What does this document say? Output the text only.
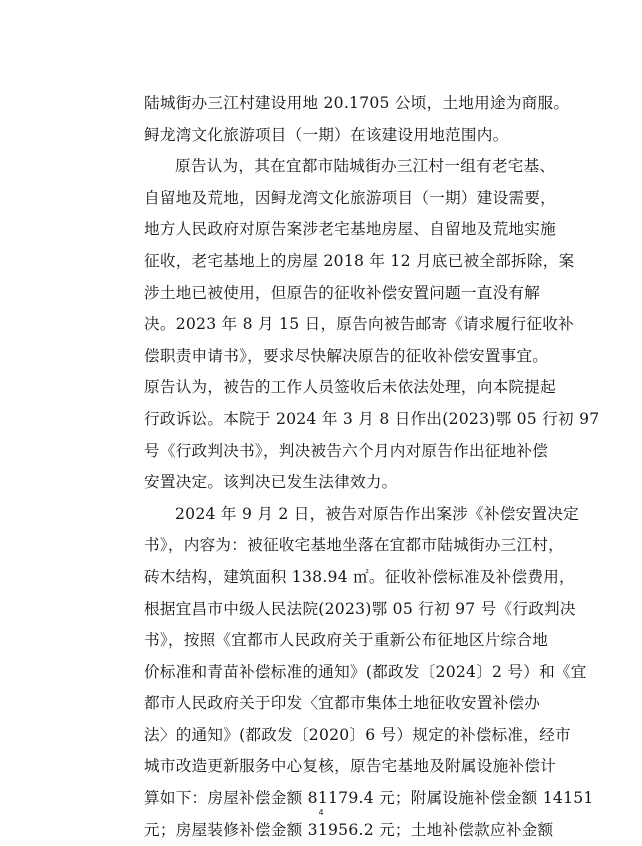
陆城街办三江村建设用地 20.1705 公顷，土地用途为商服。
鲟龙湾文化旅游项目（一期）在该建设用地范围内。
原告认为，其在宜都市陆城街办三江村一组有老宅基、
自留地及荒地，因鲟龙湾文化旅游项目（一期）建设需要，
地方人民政府对原告案涉老宅基地房屋、自留地及荒地实施
征收，老宅基地上的房屋 2018 年 12 月底已被全部拆除，案
涉土地已被使用，但原告的征收补偿安置问题一直没有解
决。2023 年 8 月 15 日，原告向被告邮寄《请求履行征收补
偿职责申请书》，要求尽快解决原告的征收补偿安置事宜。
原告认为，被告的工作人员签收后未依法处理，向本院提起
行政诉讼。本院于 2024 年 3 月 8 日作出(2023)鄂 05 行初 97
号《行政判决书》，判决被告六个月内对原告作出征地补偿
安置决定。该判决已发生法律效力。
2024 年 9 月 2 日，被告对原告作出案涉《补偿安置决定
书》，内容为：被征收宅基地坐落在宜都市陆城街办三江村，
砖木结构，建筑面积 138.94 ㎡。征收补偿标准及补偿费用，
根据宜昌市中级人民法院(2023)鄂 05 行初 97 号《行政判决
书》，按照《宜都市人民政府关于重新公布征地区片综合地
价标准和青苗补偿标准的通知》(都政发〔2024〕2 号）和《宜
都市人民政府关于印发〈宜都市集体土地征收安置补偿办
法〉的通知》(都政发〔2020〕6 号）规定的补偿标准，经市
城市改造更新服务中心复核，原告宅基地及附属设施补偿计
算如下：房屋补偿金额 81179.4 元；附属设施补偿金额 14151
元；房屋装修补偿金额 31956.2 元；土地补偿款应补金额
4
